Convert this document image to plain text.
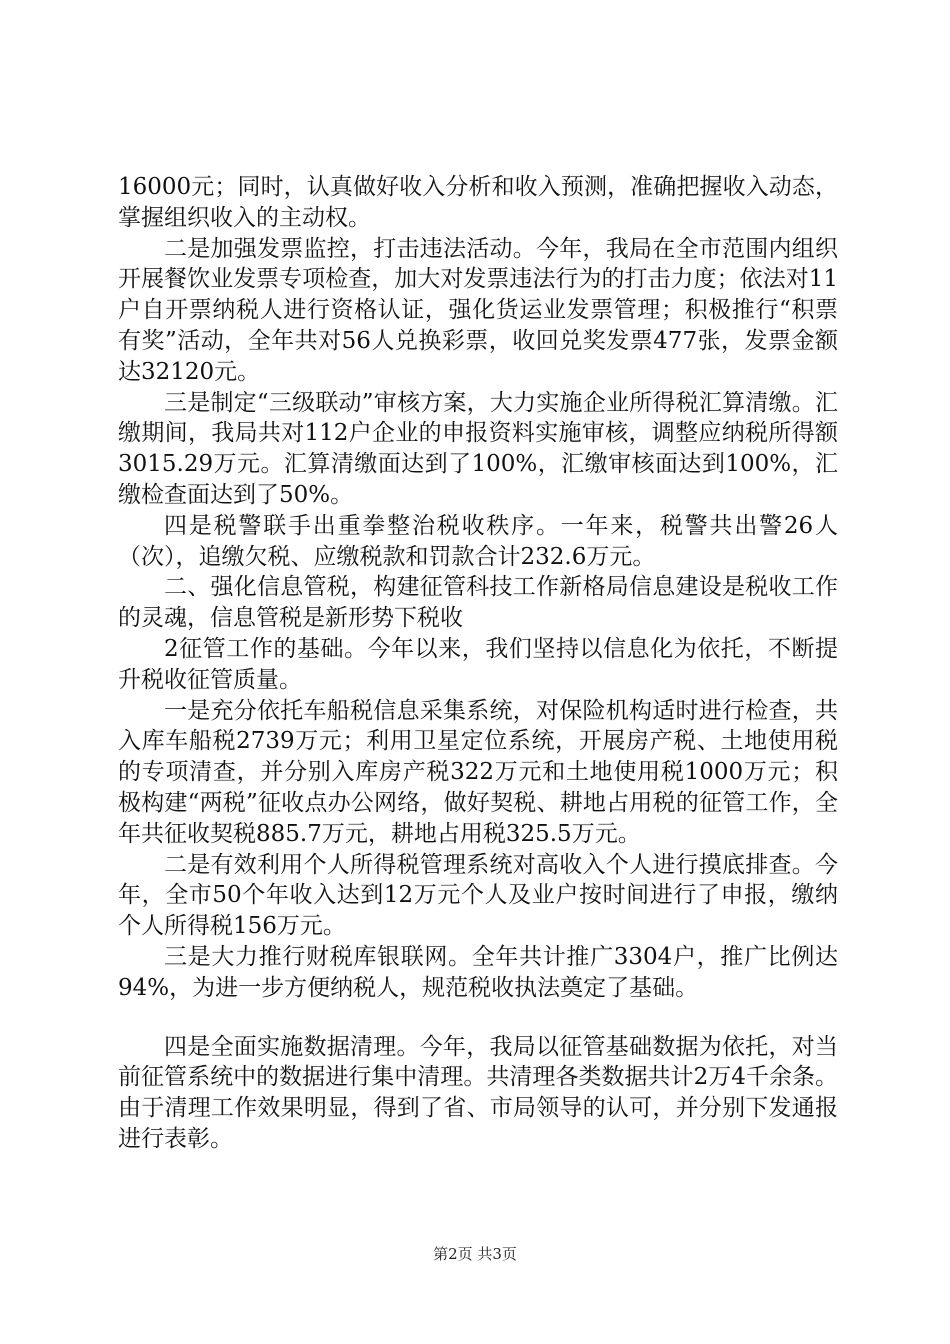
16000元；同时，认真做好收入分析和收入预测，准确把握收入动态，掌握组织收入的主动权。

二是加强发票监控，打击违法活动。今年，我局在全市范围内组织开展餐饮业发票专项检查，加大对发票违法行为的打击力度；依法对11户自开票纳税人进行资格认证，强化货运业发票管理；积极推行“积票有奖”活动，全年共对56人兑换彩票，收回兑奖发票477张，发票金额达32120元。

三是制定“三级联动”审核方案，大力实施企业所得税汇算清缴。汇缴期间，我局共对112户企业的申报资料实施审核，调整应纳税所得额3015.29万元。汇算清缴面达到了100%，汇缴审核面达到100%，汇缴检查面达到了50%。

四是税警联手出重拳整治税收秩序。一年来，税警共出警26人（次），追缴欠税、应缴税款和罚款合计232.6万元。

二、强化信息管税，构建征管科技工作新格局信息建设是税收工作的灵魂，信息管税是新形势下税收

2征管工作的基础。今年以来，我们坚持以信息化为依托，不断提升税收征管质量。

一是充分依托车船税信息采集系统，对保险机构适时进行检查，共入库车船税2739万元；利用卫星定位系统，开展房产税、土地使用税的专项清查，并分别入库房产税322万元和土地使用税1000万元；积极构建“两税”征收点办公网络，做好契税、耕地占用税的征管工作，全年共征收契税885.7万元，耕地占用税325.5万元。

二是有效利用个人所得税管理系统对高收入个人进行摸底排查。今年，全市50个年收入达到12万元个人及业户按时间进行了申报，缴纳个人所得税156万元。

三是大力推行财税库银联网。全年共计推广3304户，推广比例达94%，为进一步方便纳税人，规范税收执法奠定了基础。

四是全面实施数据清理。今年，我局以征管基础数据为依托，对当前征管系统中的数据进行集中清理。共清理各类数据共计2万4千余条。由于清理工作效果明显，得到了省、市局领导的认可，并分别下发通报进行表彰。

第2页 共3页
